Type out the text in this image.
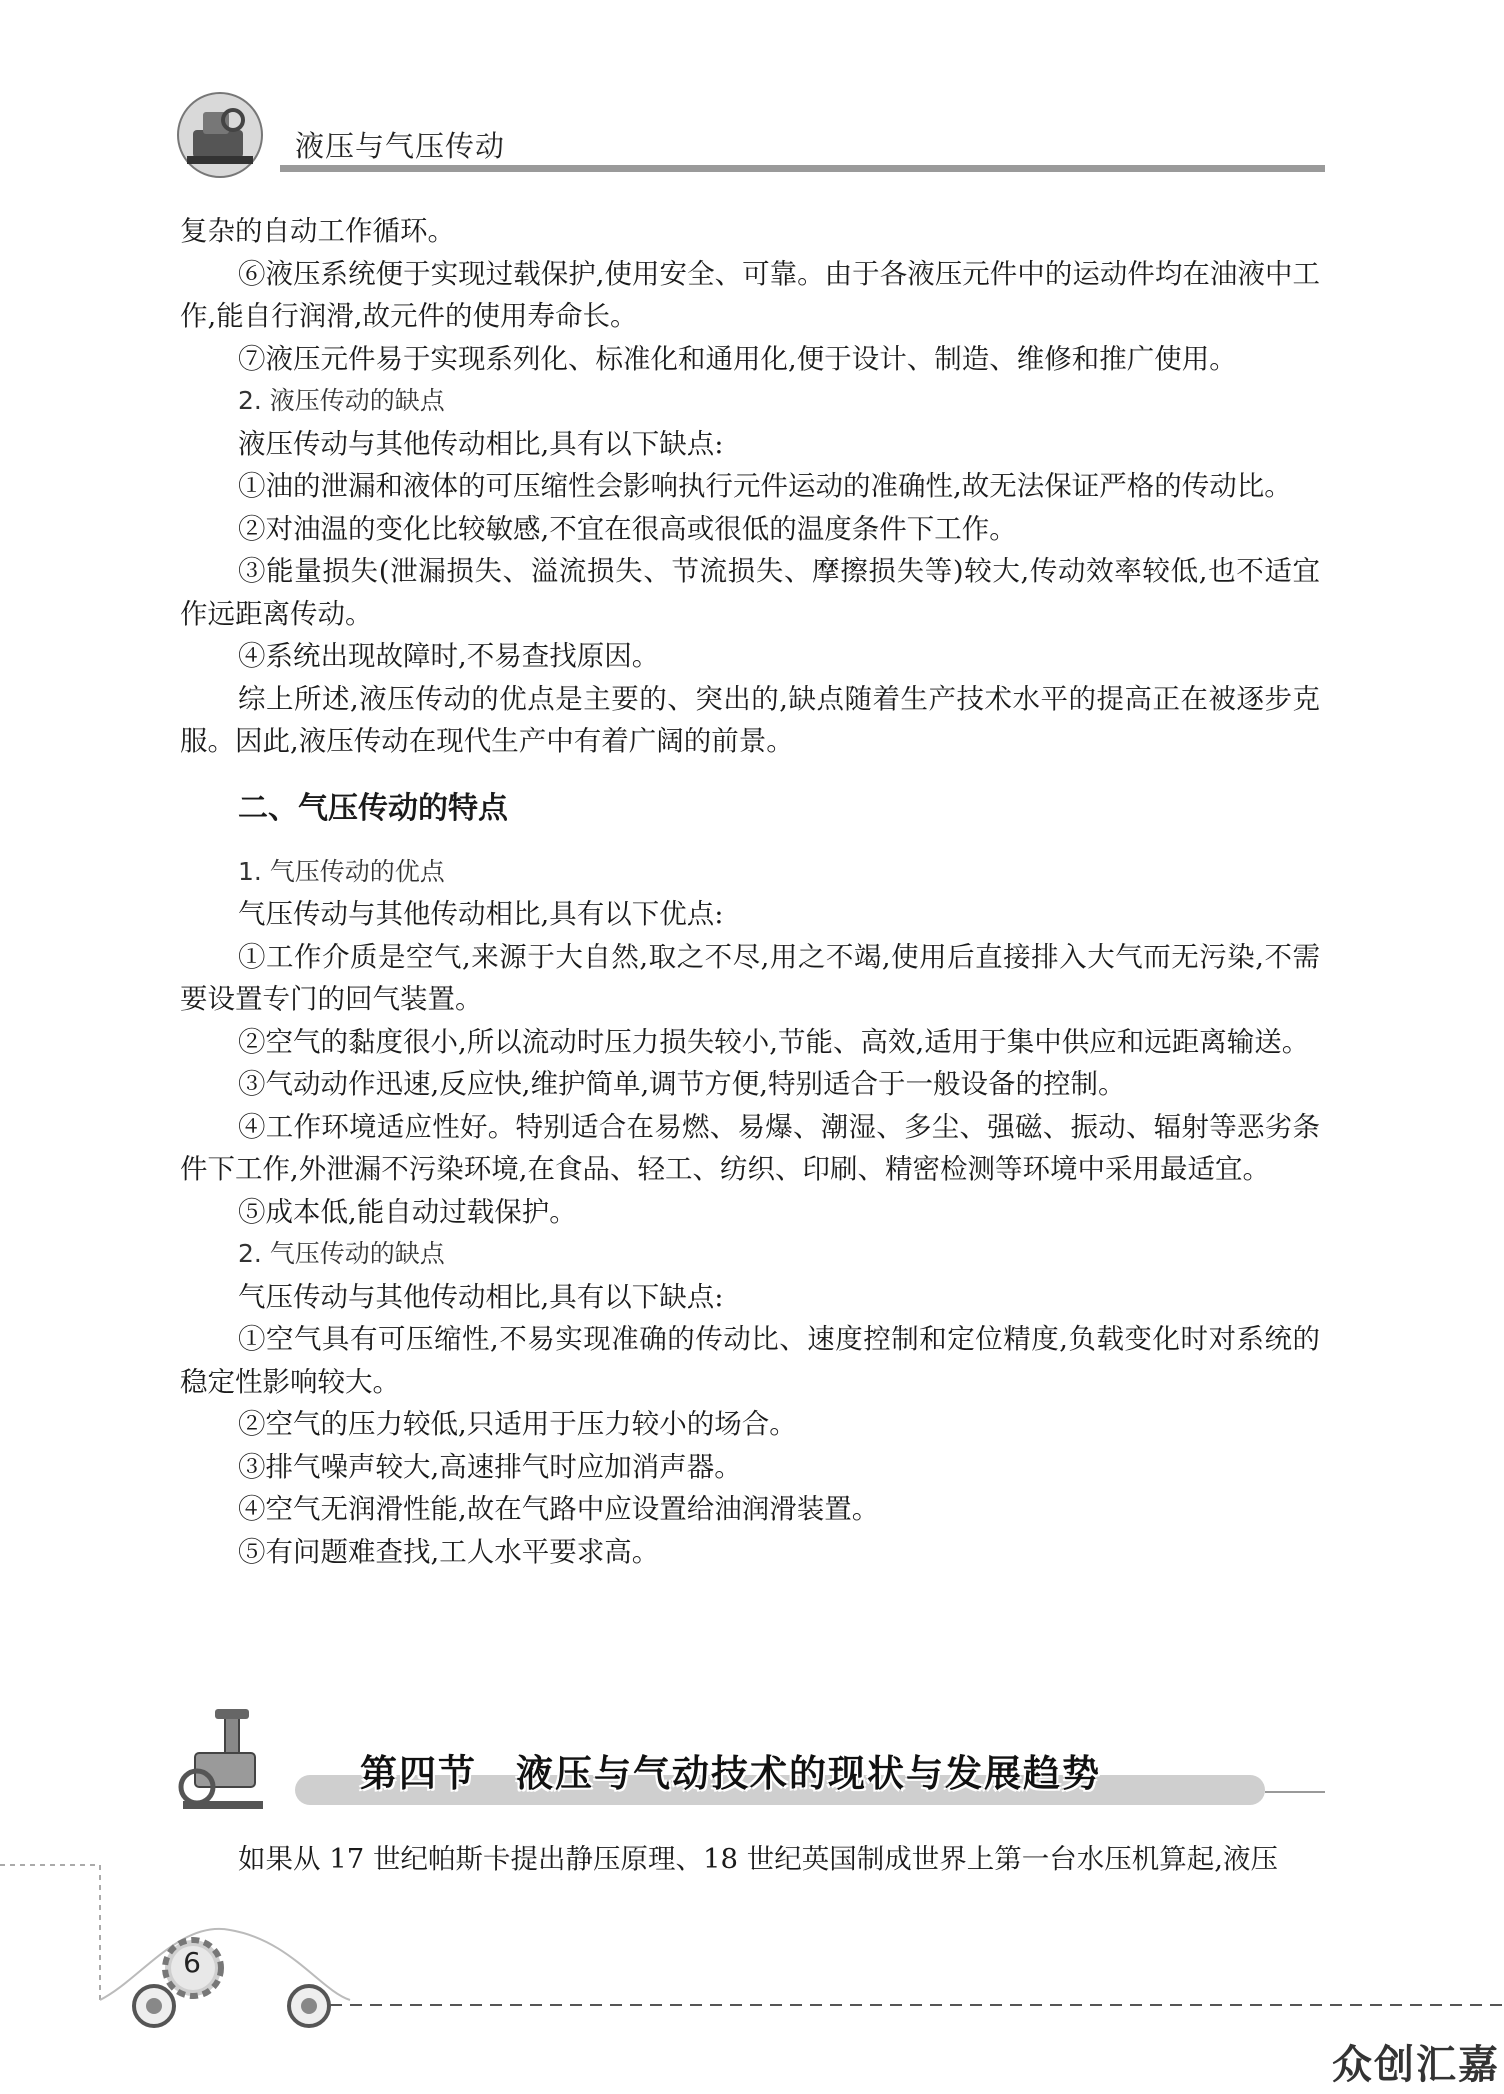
液压与气压传动

复杂的自动工作循环。

⑥液压系统便于实现过载保护,使用安全、可靠。由于各液压元件中的运动件均在油液中工作,能自行润滑,故元件的使用寿命长。

⑦液压元件易于实现系列化、标准化和通用化,便于设计、制造、维修和推广使用。

2. 液压传动的缺点

液压传动与其他传动相比,具有以下缺点:

①油的泄漏和液体的可压缩性会影响执行元件运动的准确性,故无法保证严格的传动比。

②对油温的变化比较敏感,不宜在很高或很低的温度条件下工作。

③能量损失(泄漏损失、溢流损失、节流损失、摩擦损失等)较大,传动效率较低,也不适宜作远距离传动。

④系统出现故障时,不易查找原因。

综上所述,液压传动的优点是主要的、突出的,缺点随着生产技术水平的提高正在被逐步克服。因此,液压传动在现代生产中有着广阔的前景。

二、气压传动的特点

1. 气压传动的优点

气压传动与其他传动相比,具有以下优点:

①工作介质是空气,来源于大自然,取之不尽,用之不竭,使用后直接排入大气而无污染,不需要设置专门的回气装置。

②空气的黏度很小,所以流动时压力损失较小,节能、高效,适用于集中供应和远距离输送。

③气动动作迅速,反应快,维护简单,调节方便,特别适合于一般设备的控制。

④工作环境适应性好。特别适合在易燃、易爆、潮湿、多尘、强磁、振动、辐射等恶劣条件下工作,外泄漏不污染环境,在食品、轻工、纺织、印刷、精密检测等环境中采用最适宜。

⑤成本低,能自动过载保护。

2. 气压传动的缺点

气压传动与其他传动相比,具有以下缺点:

①空气具有可压缩性,不易实现准确的传动比、速度控制和定位精度,负载变化时对系统的稳定性影响较大。

②空气的压力较低,只适用于压力较小的场合。

③排气噪声较大,高速排气时应加消声器。

④空气无润滑性能,故在气路中应设置给油润滑装置。

⑤有问题难查找,工人水平要求高。

第四节　液压与气动技术的现状与发展趋势

如果从 17 世纪帕斯卡提出静压原理、18 世纪英国制成世界上第一台水压机算起,液压

6
众创汇嘉
